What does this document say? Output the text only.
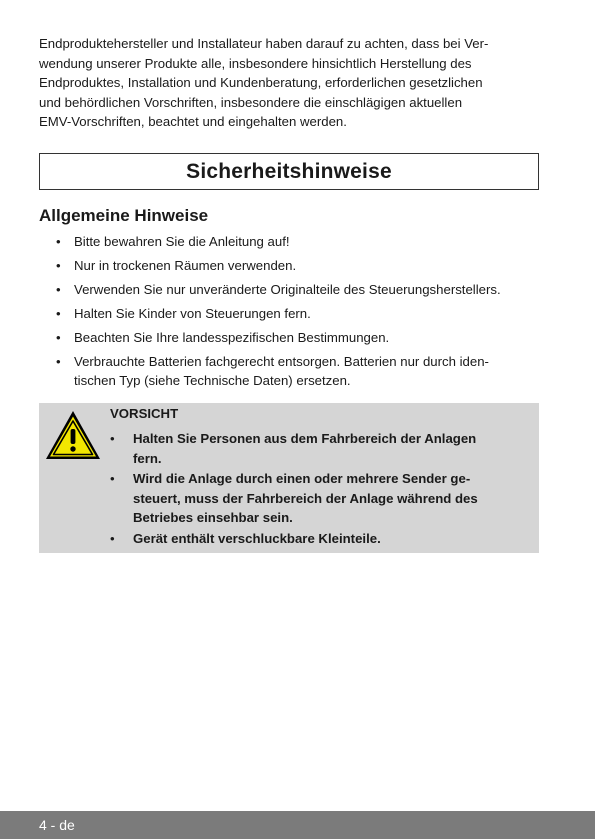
Endproduktehersteller und Installateur haben darauf zu achten, dass bei Ver-
wendung unserer Produkte alle, insbesondere hinsichtlich Herstellung des
Endproduktes, Installation und Kundenberatung, erforderlichen gesetzlichen
und behördlichen Vorschriften, insbesondere die einschlägigen aktuellen
EMV-Vorschriften, beachtet und eingehalten werden.

Sicherheitshinweise
Allgemeine Hinweise
• Bitte bewahren Sie die Anleitung auf!
• Nur in trockenen Räumen verwenden.
• Verwenden Sie nur unveränderte Originalteile des Steuerungsherstellers.
• Halten Sie Kinder von Steuerungen fern.
• Beachten Sie Ihre landesspezifischen Bestimmungen.
• Verbrauchte Batterien fachgerecht entsorgen. Batterien nur durch iden-
tischen Typ (siehe Technische Daten) ersetzen.
VORSICHT
• Halten Sie Personen aus dem Fahrbereich der Anlagen
fern.
• Wird die Anlage durch einen oder mehrere Sender ge-
steuert, muss der Fahrbereich der Anlage während des
Betriebes einsehbar sein.
• Gerät enthält verschluckbare Kleinteile.
4 - de
